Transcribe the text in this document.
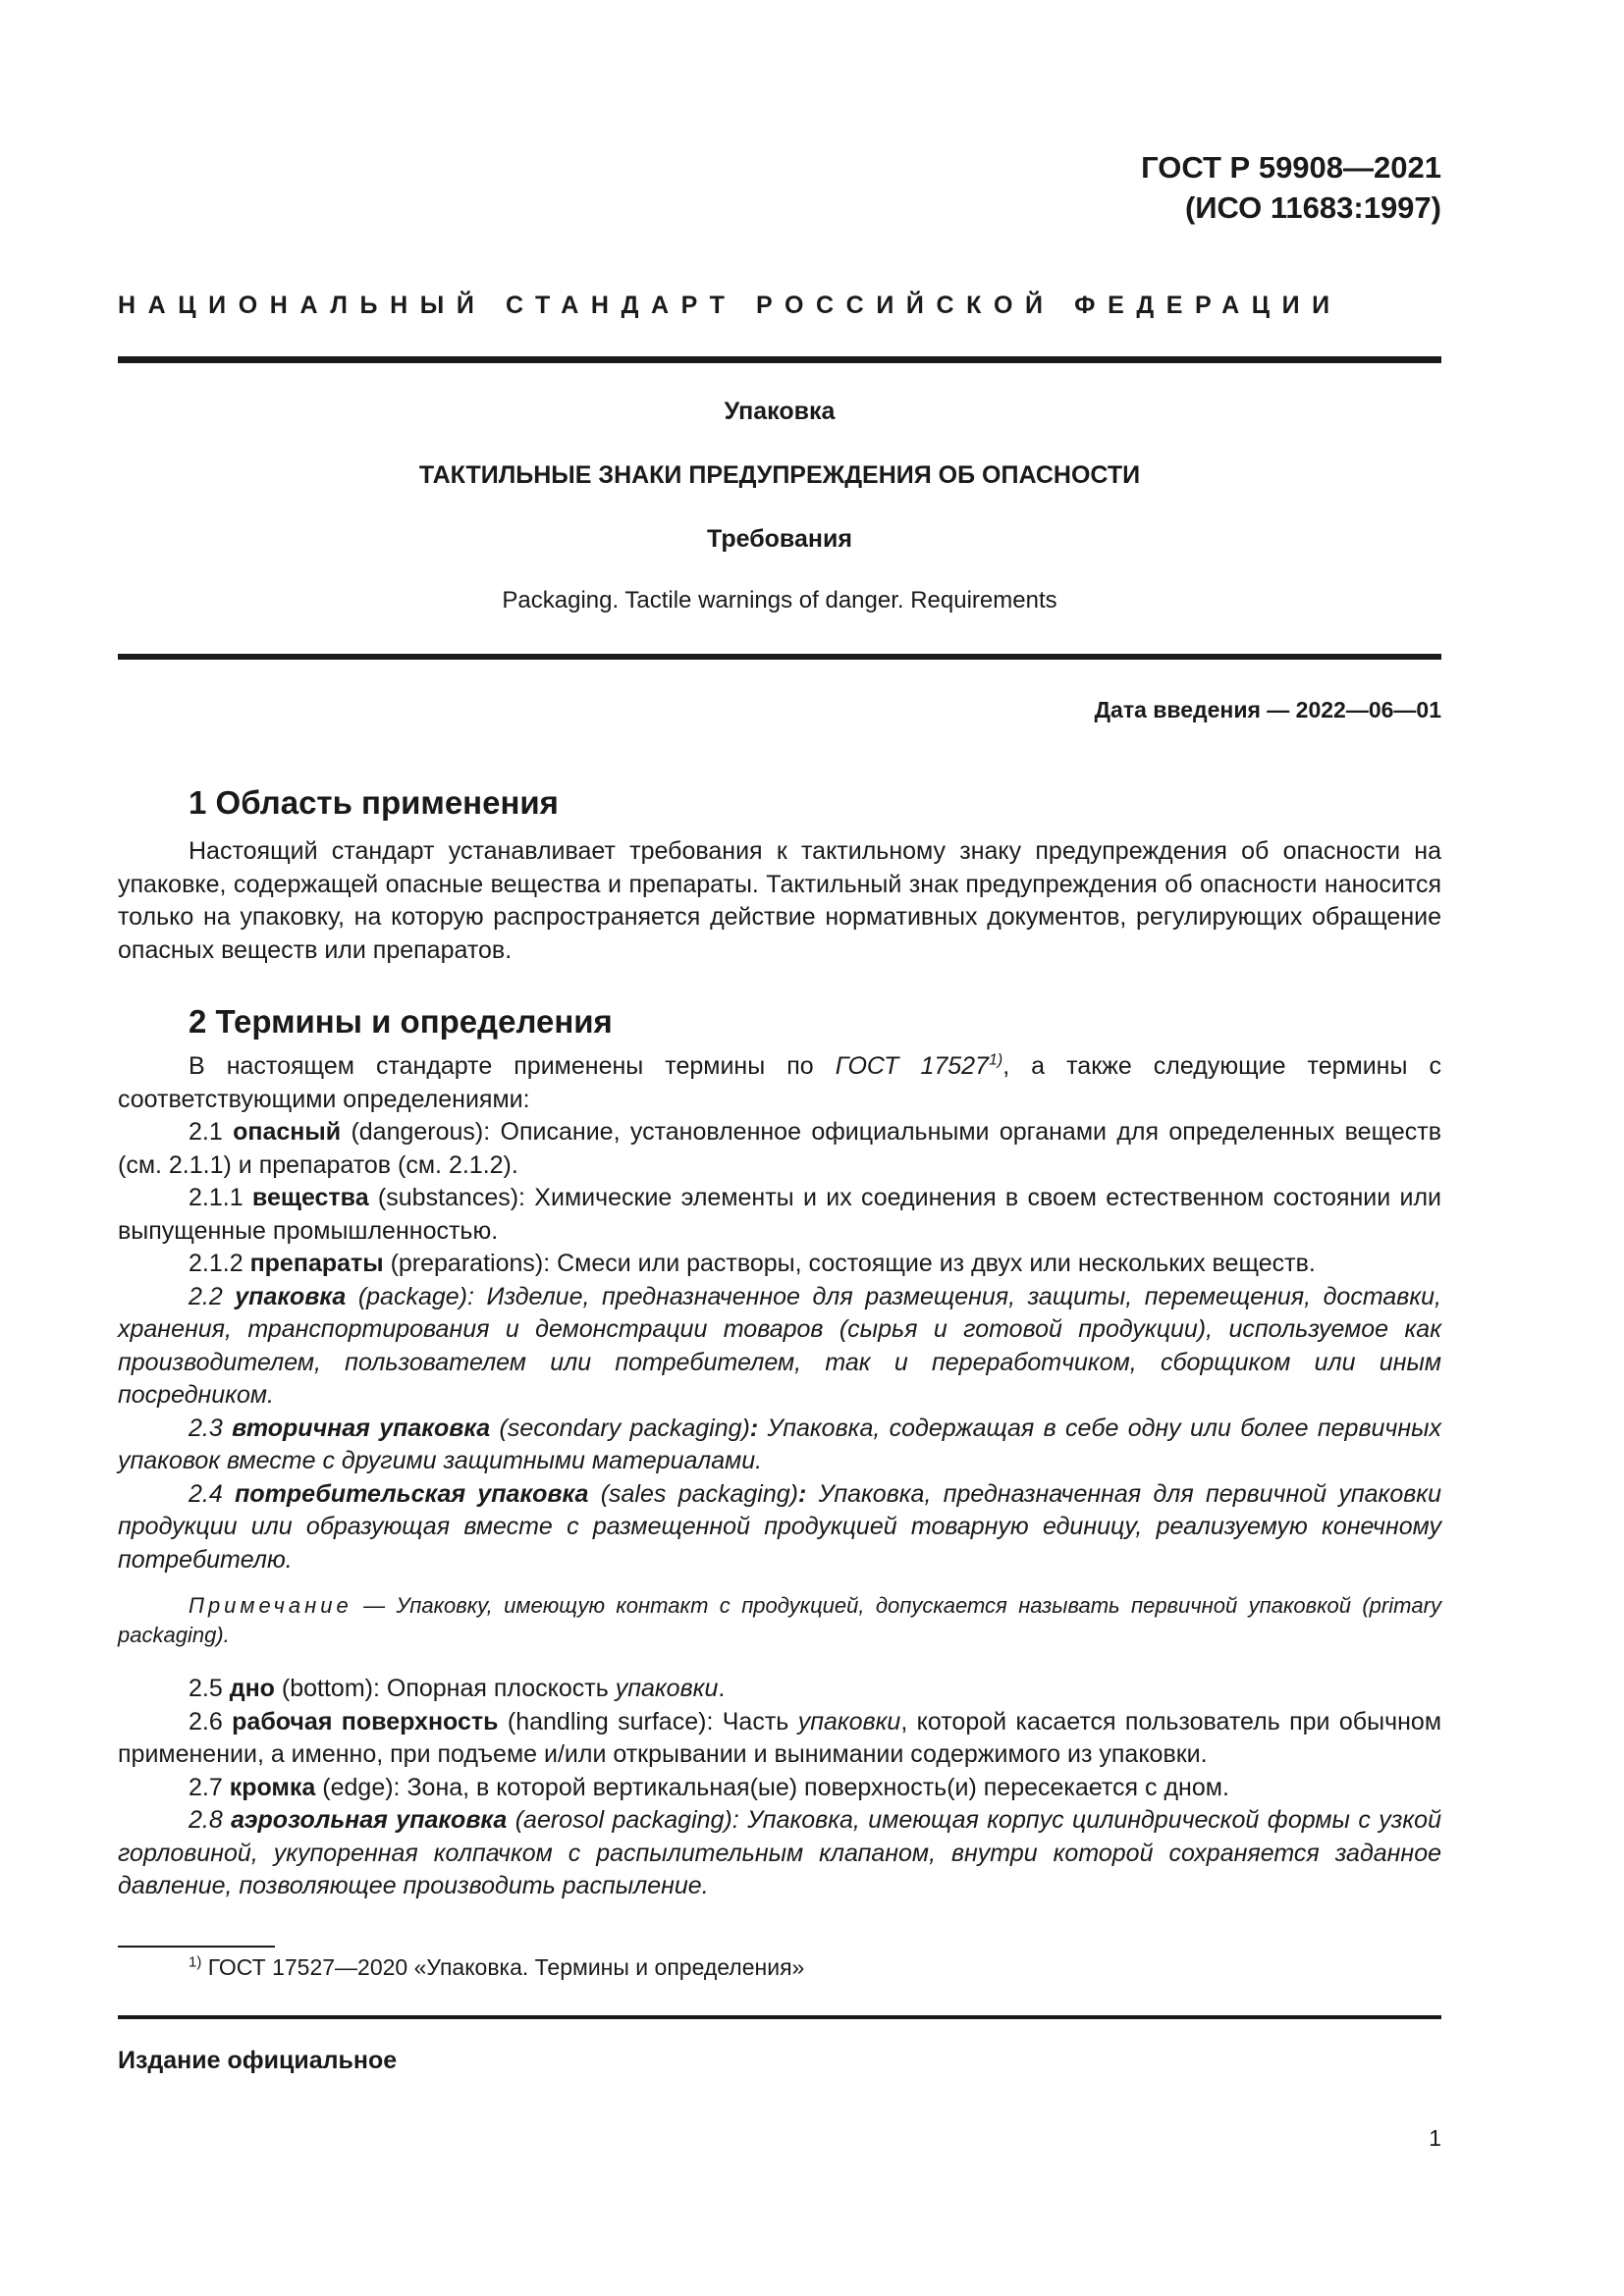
ГОСТ Р 59908—2021
(ИСО 11683:1997)
НАЦИОНАЛЬНЫЙ СТАНДАРТ РОССИЙСКОЙ ФЕДЕРАЦИИ
Упаковка
ТАКТИЛЬНЫЕ ЗНАКИ ПРЕДУПРЕЖДЕНИЯ ОБ ОПАСНОСТИ
Требования
Packaging. Tactile warnings of danger. Requirements
Дата введения — 2022—06—01
1 Область применения

Настоящий стандарт устанавливает требования к тактильному знаку предупреждения об опасности на упаковке, содержащей опасные вещества и препараты. Тактильный знак предупреждения об опасности наносится только на упаковку, на которую распространяется действие нормативных документов, регулирующих обращение опасных веществ или препаратов.

2 Термины и определения

В настоящем стандарте применены термины по ГОСТ 17527$^{1)}$, а также следующие термины с соответствующими определениями:

2.1 опасный (dangerous): Описание, установленное официальными органами для определенных веществ (см. 2.1.1) и препаратов (см. 2.1.2).

2.1.1 вещества (substances): Химические элементы и их соединения в своем естественном состоянии или выпущенные промышленностью.

2.1.2 препараты (preparations): Смеси или растворы, состоящие из двух или нескольких веществ.

2.2 упаковка (package): Изделие, предназначенное для размещения, защиты, перемещения, доставки, хранения, транспортирования и демонстрации товаров (сырья и готовой продукции), используемое как производителем, пользователем или потребителем, так и переработчиком, сборщиком или иным посредником.

2.3 вторичная упаковка (secondary packaging): Упаковка, содержащая в себе одну или более первичных упаковок вместе с другими защитными материалами.

2.4 потребительская упаковка (sales packaging): Упаковка, предназначенная для первичной упаковки продукции или образующая вместе с размещенной продукцией товарную единицу, реализуемую конечному потребителю.

Примечание — Упаковку, имеющую контакт с продукцией, допускается называть первичной упаковкой (primary packaging).

2.5 дно (bottom): Опорная плоскость упаковки.

2.6 рабочая поверхность (handling surface): Часть упаковки, которой касается пользователь при обычном применении, а именно, при подъеме и/или открывании и вынимании содержимого из упаковки.

2.7 кромка (edge): Зона, в которой вертикальная(ые) поверхность(и) пересекается с дном.

2.8 аэрозольная упаковка (aerosol packaging): Упаковка, имеющая корпус цилиндрической формы с узкой горловиной, укупоренная колпачком с распылительным клапаном, внутри которой сохраняется заданное давление, позволяющее производить распыление.

$^{1)}$ ГОСТ 17527—2020 «Упаковка. Термины и определения»
Издание официальное
1
